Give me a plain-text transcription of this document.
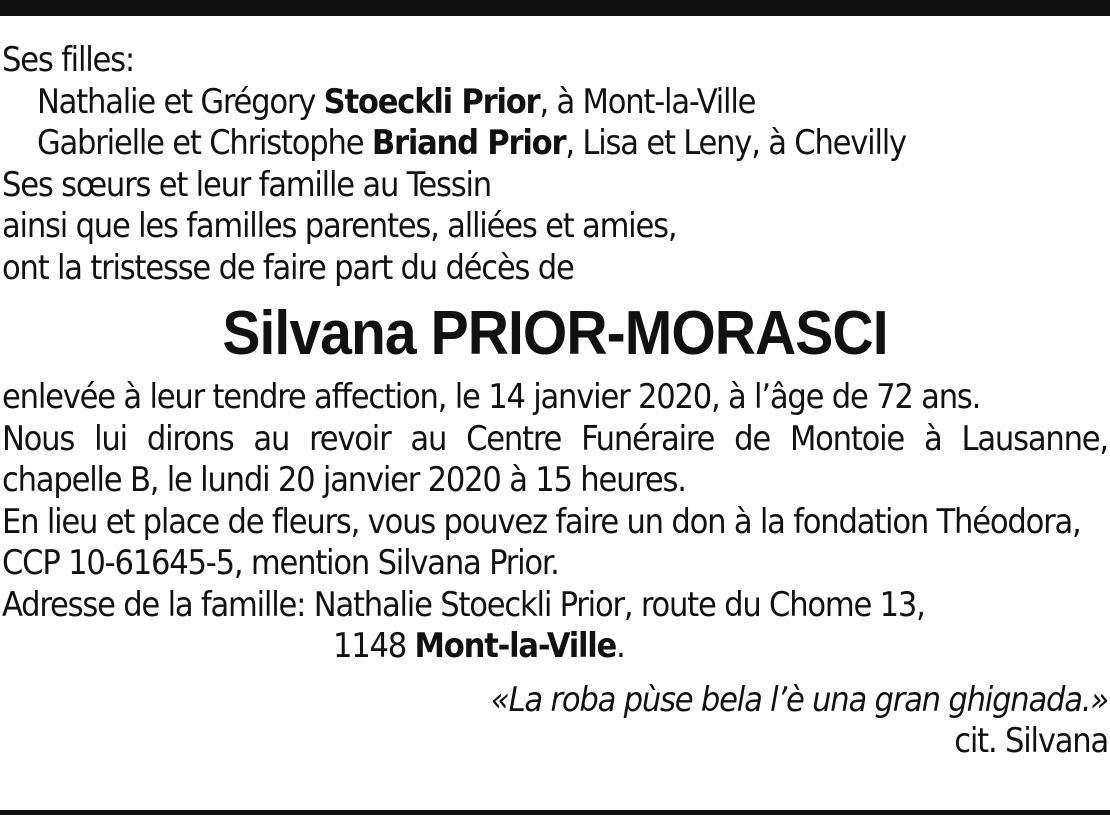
Ses filles:
Nathalie et Grégory Stoeckli Prior, à Mont-la-Ville
Gabrielle et Christophe Briand Prior, Lisa et Leny, à Chevilly
Ses sœurs et leur famille au Tessin
ainsi que les familles parentes, alliées et amies,
ont la tristesse de faire part du décès de
Silvana PRIOR-MORASCI
enlevée à leur tendre affection, le 14 janvier 2020, à l’âge de 72 ans.
Nous lui dirons au revoir au Centre Funéraire de Montoie à Lausanne,
chapelle B, le lundi 20 janvier 2020 à 15 heures.
En lieu et place de fleurs, vous pouvez faire un don à la fondation Théodora,
CCP 10-61645-5, mention Silvana Prior.
Adresse de la famille: Nathalie Stoeckli Prior, route du Chome 13,
1148 Mont-la-Ville.
«La roba pùse bela l’è una gran ghignada.»
cit. Silvana
